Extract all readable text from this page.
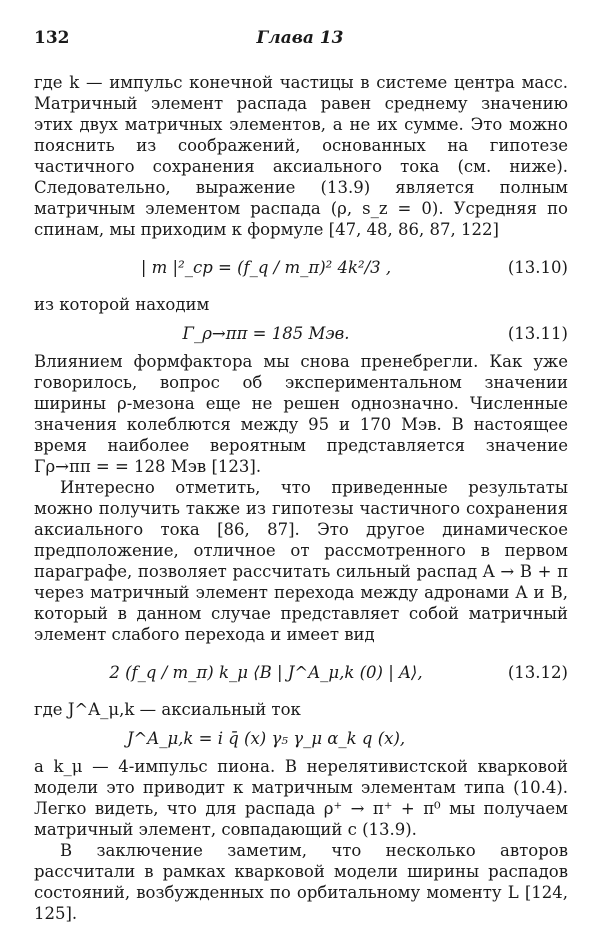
132	Глава 13

где k — импульс конечной частицы в системе центра масс. Матричный элемент распада равен среднему значению этих двух матричных элементов, а не их сумме. Это можно пояснить из соображений, основанных на гипотезе частичного сохранения аксиального тока (см. ниже). Следовательно, выражение (13.9) является полным матричным элементом распада (ρ, s_z = 0). Усредняя по спинам, мы приходим к формуле [47, 48, 86, 87, 122]

| m |²_ср = (f_q / m_π)² 4k²/3 ,	(13.10)

из которой находим

Γ_ρ→ππ = 185 Мэв.	(13.11)

Влиянием формфактора мы снова пренебрегли. Как уже говорилось, вопрос об экспериментальном значении ширины ρ-мезона еще не решен однозначно. Численные значения колеблются между 95 и 170 Мэв. В настоящее время наиболее вероятным представляется значение Γρ→ππ = = 128 Мэв [123].

Интересно отметить, что приведенные результаты можно получить также из гипотезы частичного сохранения аксиального тока [86, 87]. Это другое динамическое предположение, отличное от рассмотренного в первом параграфе, позволяет рассчитать сильный распад A → B + π через матричный элемент перехода между адронами A и B, который в данном случае представляет собой матричный элемент слабого перехода и имеет вид

2 (f_q / m_π) k_μ ⟨B | J^A_μ,k (0) | A⟩,	(13.12)

где J^A_μ,k — аксиальный ток

J^A_μ,k = i q̄ (x) γ₅ γ_μ α_k q (x),

а k_μ — 4-импульс пиона. В нерелятивистской кварковой модели это приводит к матричным элементам типа (10.4). Легко видеть, что для распада ρ⁺ → π⁺ + π⁰ мы получаем матричный элемент, совпадающий с (13.9).

В заключение заметим, что несколько авторов рассчитали в рамках кварковой модели ширины распадов состояний, возбужденных по орбитальному моменту L [124, 125].
